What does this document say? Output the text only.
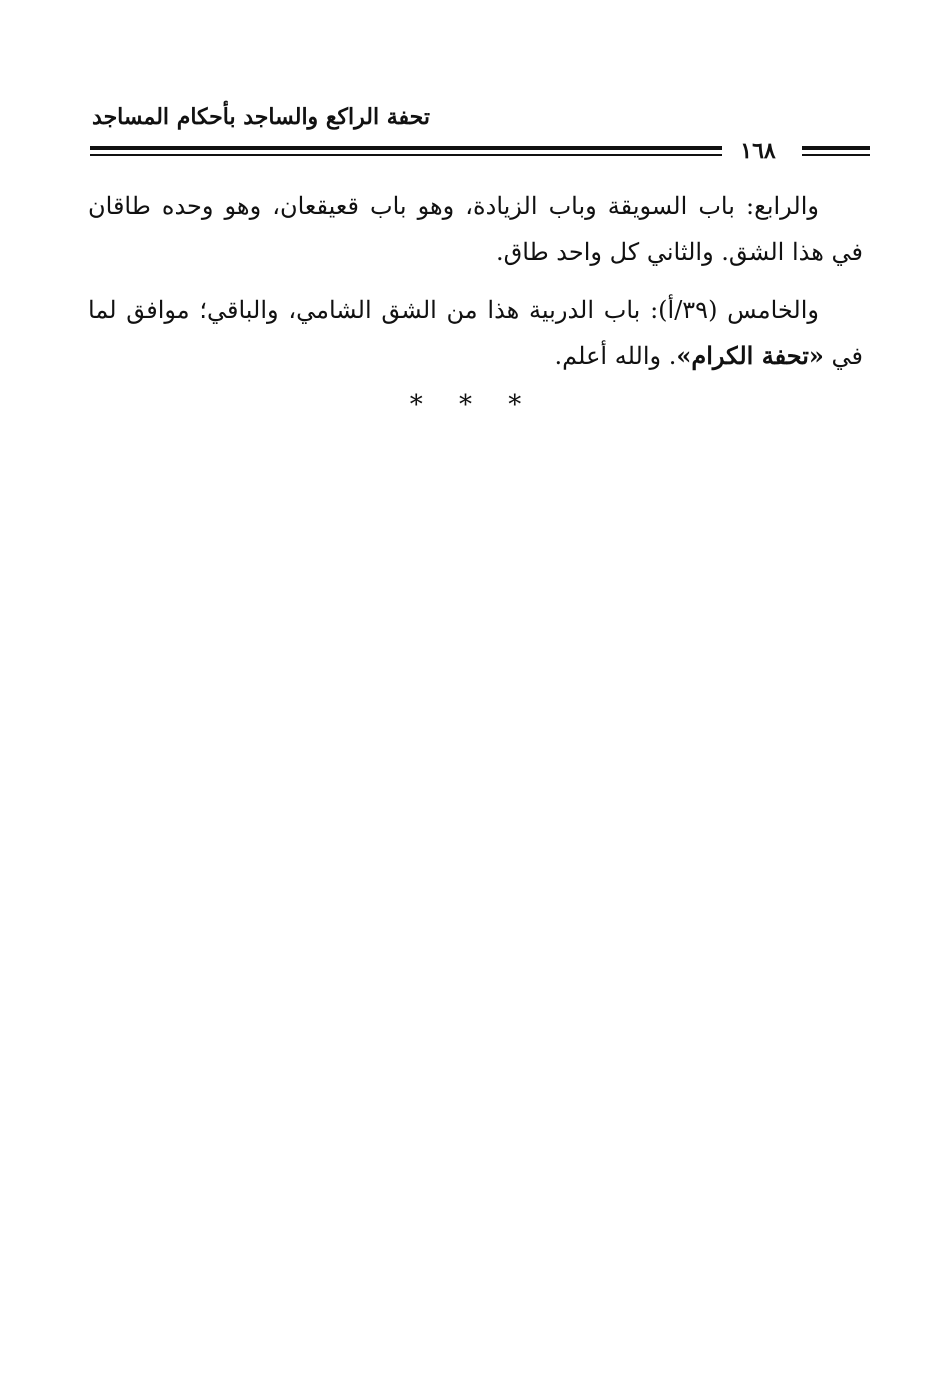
تحفة الراكع والساجد بأحكام المساجد
١٦٨

والرابع: باب السويقة وباب الزيادة، وهو باب قعيقعان، وهو وحده طاقان في هذا الشق. والثاني كل واحد طاق.

والخامس (٣٩/أ): باب الدربية هذا من الشق الشامي، والباقي؛ موافق لما في «تحفة الكرام». والله أعلم.

* * *
